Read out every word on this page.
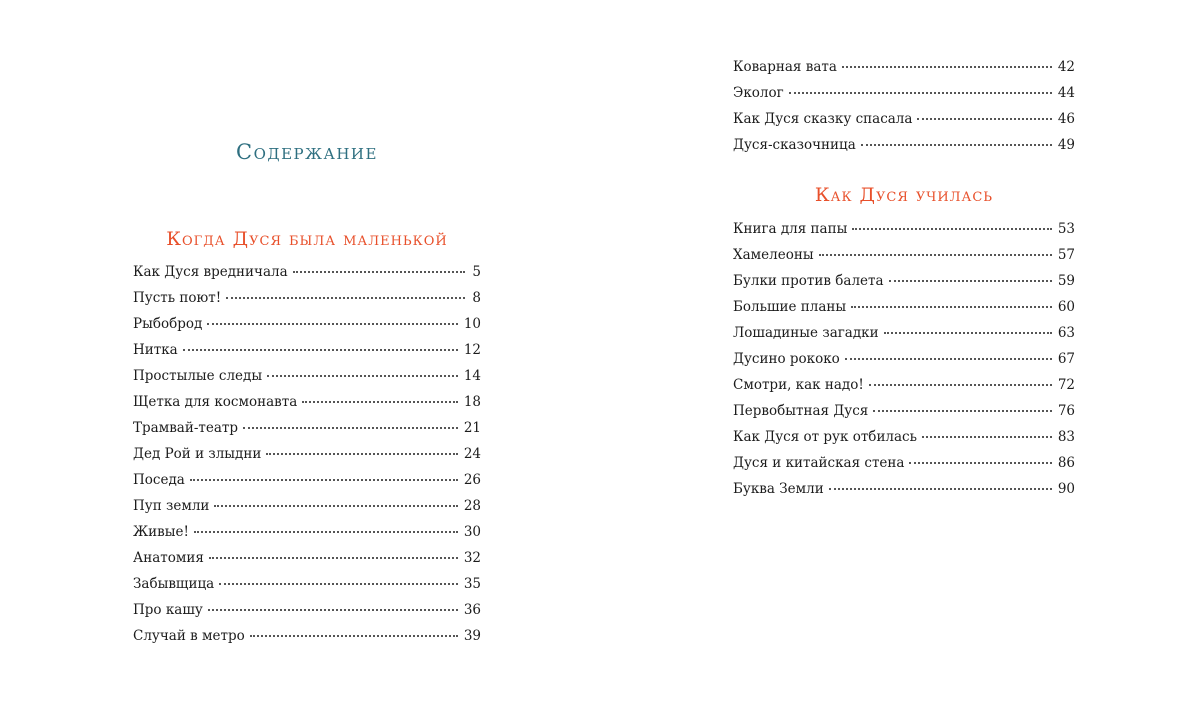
Содержание
Когда Дуся была маленькой
Как Дуся вредничала	5
Пусть поют!	8
Рыбоброд	10
Нитка	12
Простылые следы	14
Щетка для космонавта	18
Трамвай-театр	21
Дед Рой и злыдни	24
Поседа	26
Пуп земли	28
Живые!	30
Анатомия	32
Забывщица	35
Про кашу	36
Случай в метро	39
Коварная вата	42
Эколог	44
Как Дуся сказку спасала	46
Дуся-сказочница	49
Как Дуся училась
Книга для папы	53
Хамелеоны	57
Булки против балета	59
Большие планы	60
Лошадиные загадки	63
Дусино рококо	67
Смотри, как надо!	72
Первобытная Дуся	76
Как Дуся от рук отбилась	83
Дуся и китайская стена	86
Буква Земли	90
